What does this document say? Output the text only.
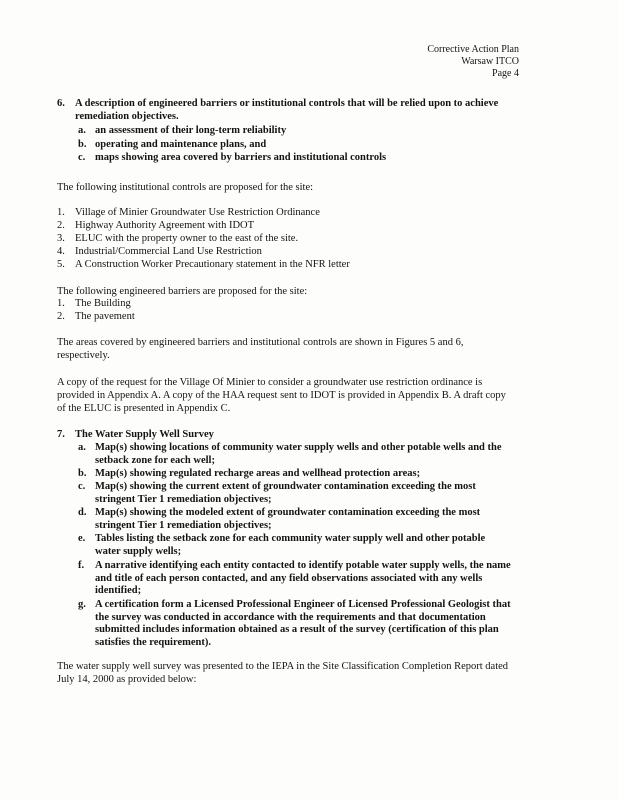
Corrective Action Plan
Warsaw ITCO
Page 4
6. A description of engineered barriers or institutional controls that will be relied upon to achieve remediation objectives.
a. an assessment of their long-term reliability
b. operating and maintenance plans, and
c. maps showing area covered by barriers and institutional controls
The following institutional controls are proposed for the site:
1. Village of Minier Groundwater Use Restriction Ordinance
2. Highway Authority Agreement with IDOT
3. ELUC with the property owner to the east of the site.
4. Industrial/Commercial Land Use Restriction
5. A Construction Worker Precautionary statement in the NFR letter
The following engineered barriers are proposed for the site:
1. The Building
2. The pavement
The areas covered by engineered barriers and institutional controls are shown in Figures 5 and 6, respectively.
A copy of the request for the Village Of Minier to consider a groundwater use restriction ordinance is provided in Appendix A. A copy of the HAA request sent to IDOT is provided in Appendix B. A draft copy of the ELUC is presented in Appendix C.
7. The Water Supply Well Survey
a. Map(s) showing locations of community water supply wells and other potable wells and the setback zone for each well;
b. Map(s) showing regulated recharge areas and wellhead protection areas;
c. Map(s) showing the current extent of groundwater contamination exceeding the most stringent Tier 1 remediation objectives;
d. Map(s) showing the modeled extent of groundwater contamination exceeding the most stringent Tier 1 remediation objectives;
e. Tables listing the setback zone for each community water supply well and other potable water supply wells;
f.	A narrative identifying each entity contacted to identify potable water supply wells, the name and title of each person contacted, and any field observations associated with any wells identified;
g. A certification form a Licensed Professional Engineer of Licensed Professional Geologist that the survey was conducted in accordance with the requirements and that documentation submitted includes information obtained as a result of the survey (certification of this plan satisfies the requirement).
The water supply well survey was presented to the IEPA in the Site Classification Completion Report dated July 14, 2000 as provided below:
